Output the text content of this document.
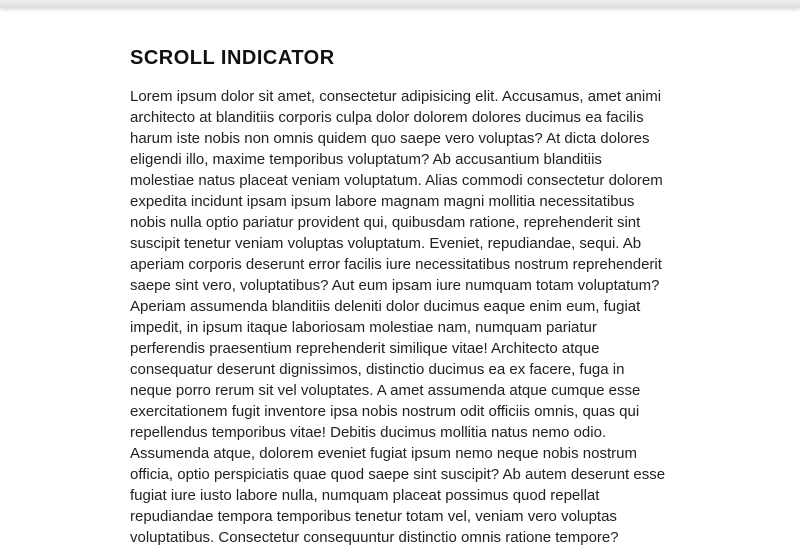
SCROLL INDICATOR

Lorem ipsum dolor sit amet, consectetur adipisicing elit. Accusamus, amet animi architecto at blanditiis corporis culpa dolor dolorem dolores ducimus ea facilis harum iste nobis non omnis quidem quo saepe vero voluptas? At dicta dolores eligendi illo, maxime temporibus voluptatum? Ab accusantium blanditiis molestiae natus placeat veniam voluptatum. Alias commodi consectetur dolorem expedita incidunt ipsam ipsum labore magnam magni mollitia necessitatibus nobis nulla optio pariatur provident qui, quibusdam ratione, reprehenderit sint suscipit tenetur veniam voluptas voluptatum. Eveniet, repudiandae, sequi. Ab aperiam corporis deserunt error facilis iure necessitatibus nostrum reprehenderit saepe sint vero, voluptatibus? Aut eum ipsam iure numquam totam voluptatum? Aperiam assumenda blanditiis deleniti dolor ducimus eaque enim eum, fugiat impedit, in ipsum itaque laboriosam molestiae nam, numquam pariatur perferendis praesentium reprehenderit similique vitae! Architecto atque consequatur deserunt dignissimos, distinctio ducimus ea ex facere, fuga in neque porro rerum sit vel voluptates. A amet assumenda atque cumque esse exercitationem fugit inventore ipsa nobis nostrum odit officiis omnis, quas qui repellendus temporibus vitae! Debitis ducimus mollitia natus nemo odio. Assumenda atque, dolorem eveniet fugiat ipsum nemo neque nobis nostrum officia, optio perspiciatis quae quod saepe sint suscipit? Ab autem deserunt esse fugiat iure iusto labore nulla, numquam placeat possimus quod repellat repudiandae tempora temporibus tenetur totam vel, veniam vero voluptas voluptatibus. Consectetur consequuntur distinctio omnis ratione tempore?
